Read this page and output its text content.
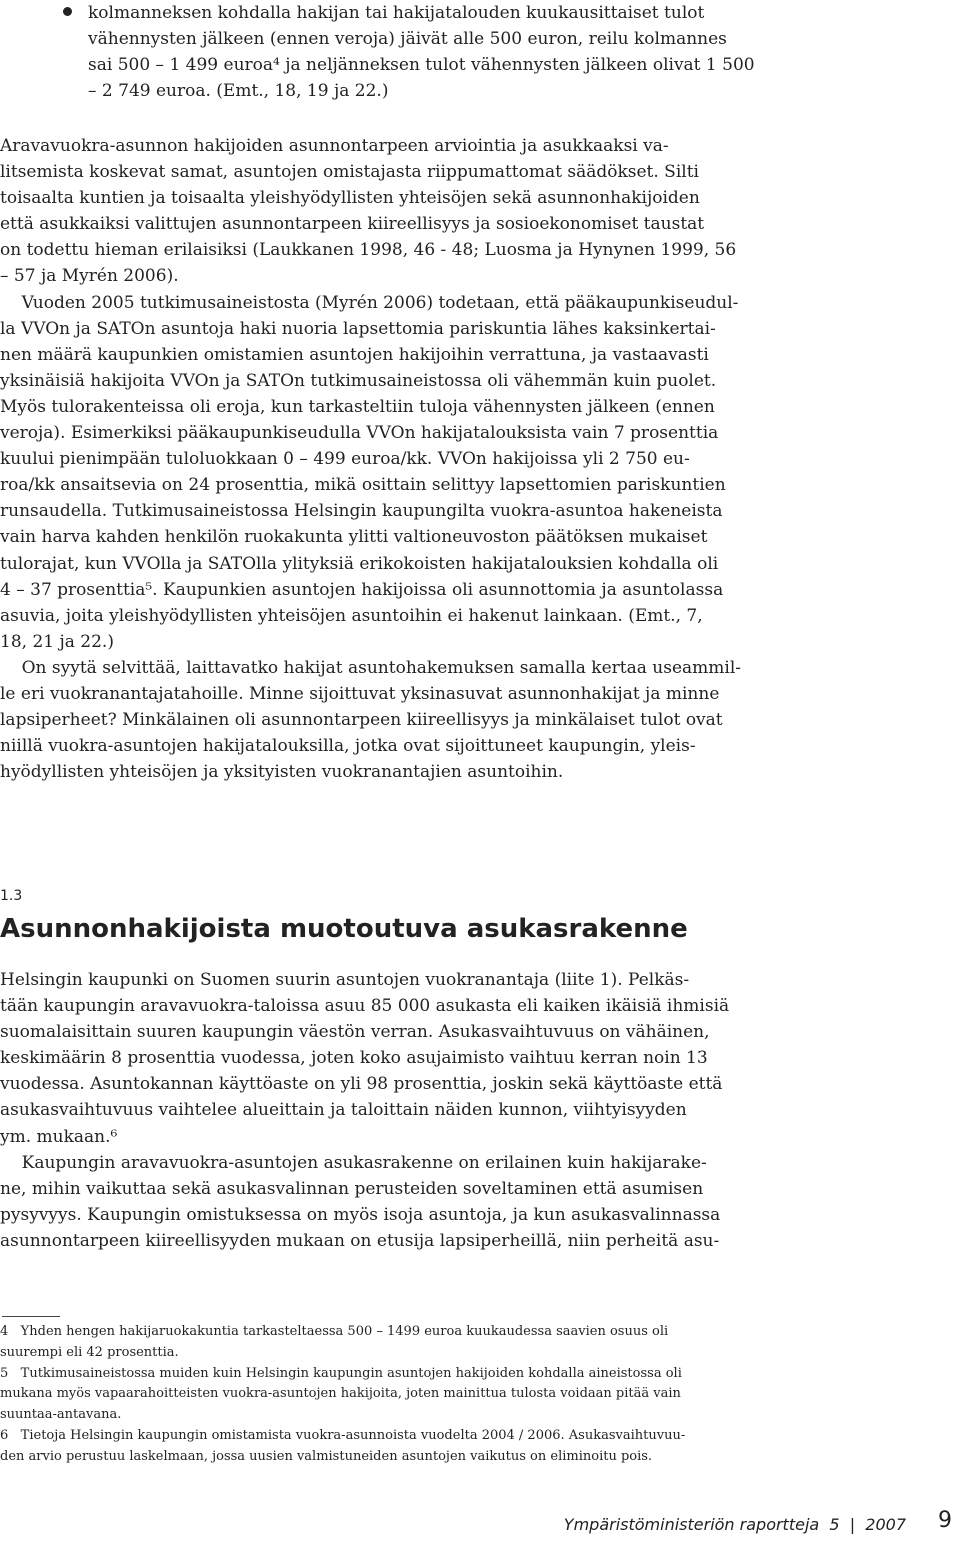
kolmanneksen kohdalla hakijan tai hakijatalouden kuukausittaiset tulot
vähennysten jälkeen (ennen veroja) jäivät alle 500 euron, reilu kolmannes
sai 500 – 1 499 euroa⁴ ja neljänneksen tulot vähennysten jälkeen olivat 1 500
– 2 749 euroa. (Emt., 18, 19 ja 22.)
Aravavuokra-asunnon hakijoiden asunnontarpeen arviointia ja asukkaaksi va-
litsemista koskevat samat, asuntojen omistajasta riippumattomat säädökset. Silti
toisaalta kuntien ja toisaalta yleishyödyllisten yhteisöjen sekä asunnonhakijoiden
että asukkaiksi valittujen asunnontarpeen kiireellisyys ja sosioekonomiset taustat
on todettu hieman erilaisiksi (Laukkanen 1998, 46 - 48; Luosma ja Hynynen 1999, 56
– 57 ja Myrén 2006).
Vuoden 2005 tutkimusaineistosta (Myrén 2006) todetaan, että pääkaupunkiseudul-
la VVOn ja SATOn asuntoja haki nuoria lapsettomia pariskuntia lähes kaksinkertai-
nen määrä kaupunkien omistamien asuntojen hakijoihin verrattuna, ja vastaavasti
yksinäisiä hakijoita VVOn ja SATOn tutkimusaineistossa oli vähemmän kuin puolet.
Myös tulorakenteissa oli eroja, kun tarkasteltiin tuloja vähennysten jälkeen (ennen
veroja). Esimerkiksi pääkaupunkiseudulla VVOn hakijatalouksista vain 7 prosenttia
kuului pienimpään tuloluokkaan 0 – 499 euroa/kk. VVOn hakijoissa yli 2 750 eu-
roa/kk ansaitsevia on 24 prosenttia, mikä osittain selittyy lapsettomien pariskuntien
runsaudella. Tutkimusaineistossa Helsingin kaupungilta vuokra-asuntoa hakeneista
vain harva kahden henkilön ruokakunta ylitti valtioneuvoston päätöksen mukaiset
tulorajat, kun VVOlla ja SATOlla ylityksiä erikokoisten hakijatalouksien kohdalla oli
4 – 37 prosenttia⁵. Kaupunkien asuntojen hakijoissa oli asunnottomia ja asuntolassa
asuvia, joita yleishyödyllisten yhteisöjen asuntoihin ei hakenut lainkaan. (Emt., 7,
18, 21 ja 22.)
On syytä selvittää, laittavatko hakijat asuntohakemuksen samalla kertaa useammil-
le eri vuokranantajatahoille. Minne sijoittuvat yksinasuvat asunnonhakijat ja minne
lapsiperheet? Minkälainen oli asunnontarpeen kiireellisyys ja minkälaiset tulot ovat
niillä vuokra-asuntojen hakijatalouksilla, jotka ovat sijoittuneet kaupungin, yleis-
hyödyllisten yhteisöjen ja yksityisten vuokranantajien asuntoihin.
1.3
Asunnonhakijoista muotoutuva asukasrakenne
Helsingin kaupunki on Suomen suurin asuntojen vuokranantaja (liite 1). Pelkäs-
tään kaupungin aravavuokra-taloissa asuu 85 000 asukasta eli kaiken ikäisiä ihmisiä
suomalaisittain suuren kaupungin väestön verran. Asukasvaihtuvuus on vähäinen,
keskimäärin 8 prosenttia vuodessa, joten koko asujaimisto vaihtuu kerran noin 13
vuodessa. Asuntokannan käyttöaste on yli 98 prosenttia, joskin sekä käyttöaste että
asukasvaihtuvuus vaihtelee alueittain ja taloittain näiden kunnon, viihtyisyyden
ym. mukaan.⁶
Kaupungin aravavuokra-asuntojen asukasrakenne on erilainen kuin hakijarake-
ne, mihin vaikuttaa sekä asukasvalinnan perusteiden soveltaminen että asumisen
pysyvyys. Kaupungin omistuksessa on myös isoja asuntoja, ja kun asukasvalinnassa
asunnontarpeen kiireellisyyden mukaan on etusija lapsiperheillä, niin perheitä asu-
4   Yhden hengen hakijaruokakuntia tarkasteltaessa 500 – 1499 euroa kuukaudessa saavien osuus oli
suurempi eli 42 prosenttia.
5   Tutkimusaineistossa muiden kuin Helsingin kaupungin asuntojen hakijoiden kohdalla aineistossa oli
mukana myös vapaarahoitteisten vuokra-asuntojen hakijoita, joten mainittua tulosta voidaan pitää vain
suuntaa-antavana.
6   Tietoja Helsingin kaupungin omistamista vuokra-asunnoista vuodelta 2004 / 2006. Asukasvaihtuvuu-
den arvio perustuu laskelmaan, jossa uusien valmistuneiden asuntojen vaikutus on eliminoitu pois.
Ympäristöministeriön raportteja  5  |  2007 9
